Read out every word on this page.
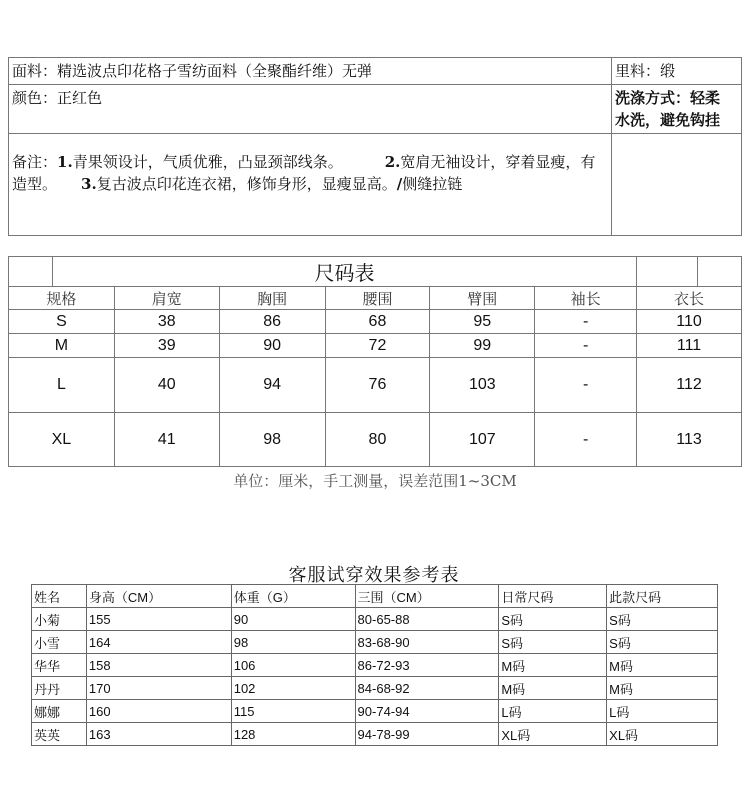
面料：精选波点印花格子雪纺面料（全聚酯纤维）无弹	里料：缎
颜色：正红色	洗涤方式：轻柔
水洗，避免钩挂

备注：1.青果领设计，气质优雅，凸显颈部线条。 2.宽肩无袖设计，穿着显瘦，有造型。 3.复古波点印花连衣裙，修饰身形，显瘦显高。/侧缝拉链	

	尺码表							
规格		肩宽	胸围	腰围	臂围	袖长	衣长	
S		38	86	68	95	-	110	
M		39	90	72	99	-	111	
L		40	94	76	103	-	112	
XL		41	98	80	107	-	113	
单位：厘米，手工测量，误差范围1~3CM
客服试穿效果参考表
姓名	身高（CM）	体重（G）	三围（CM）	日常尺码	此款尺码
小菊	155	90	80-65-88	S码	S码
小雪	164	98	83-68-90	S码	S码
华华	158	106	86-72-93	M码	M码
丹丹	170	102	84-68-92	M码	M码
娜娜	160	115	90-74-94	L码	L码
英英	163	128	94-78-99	XL码	XL码
